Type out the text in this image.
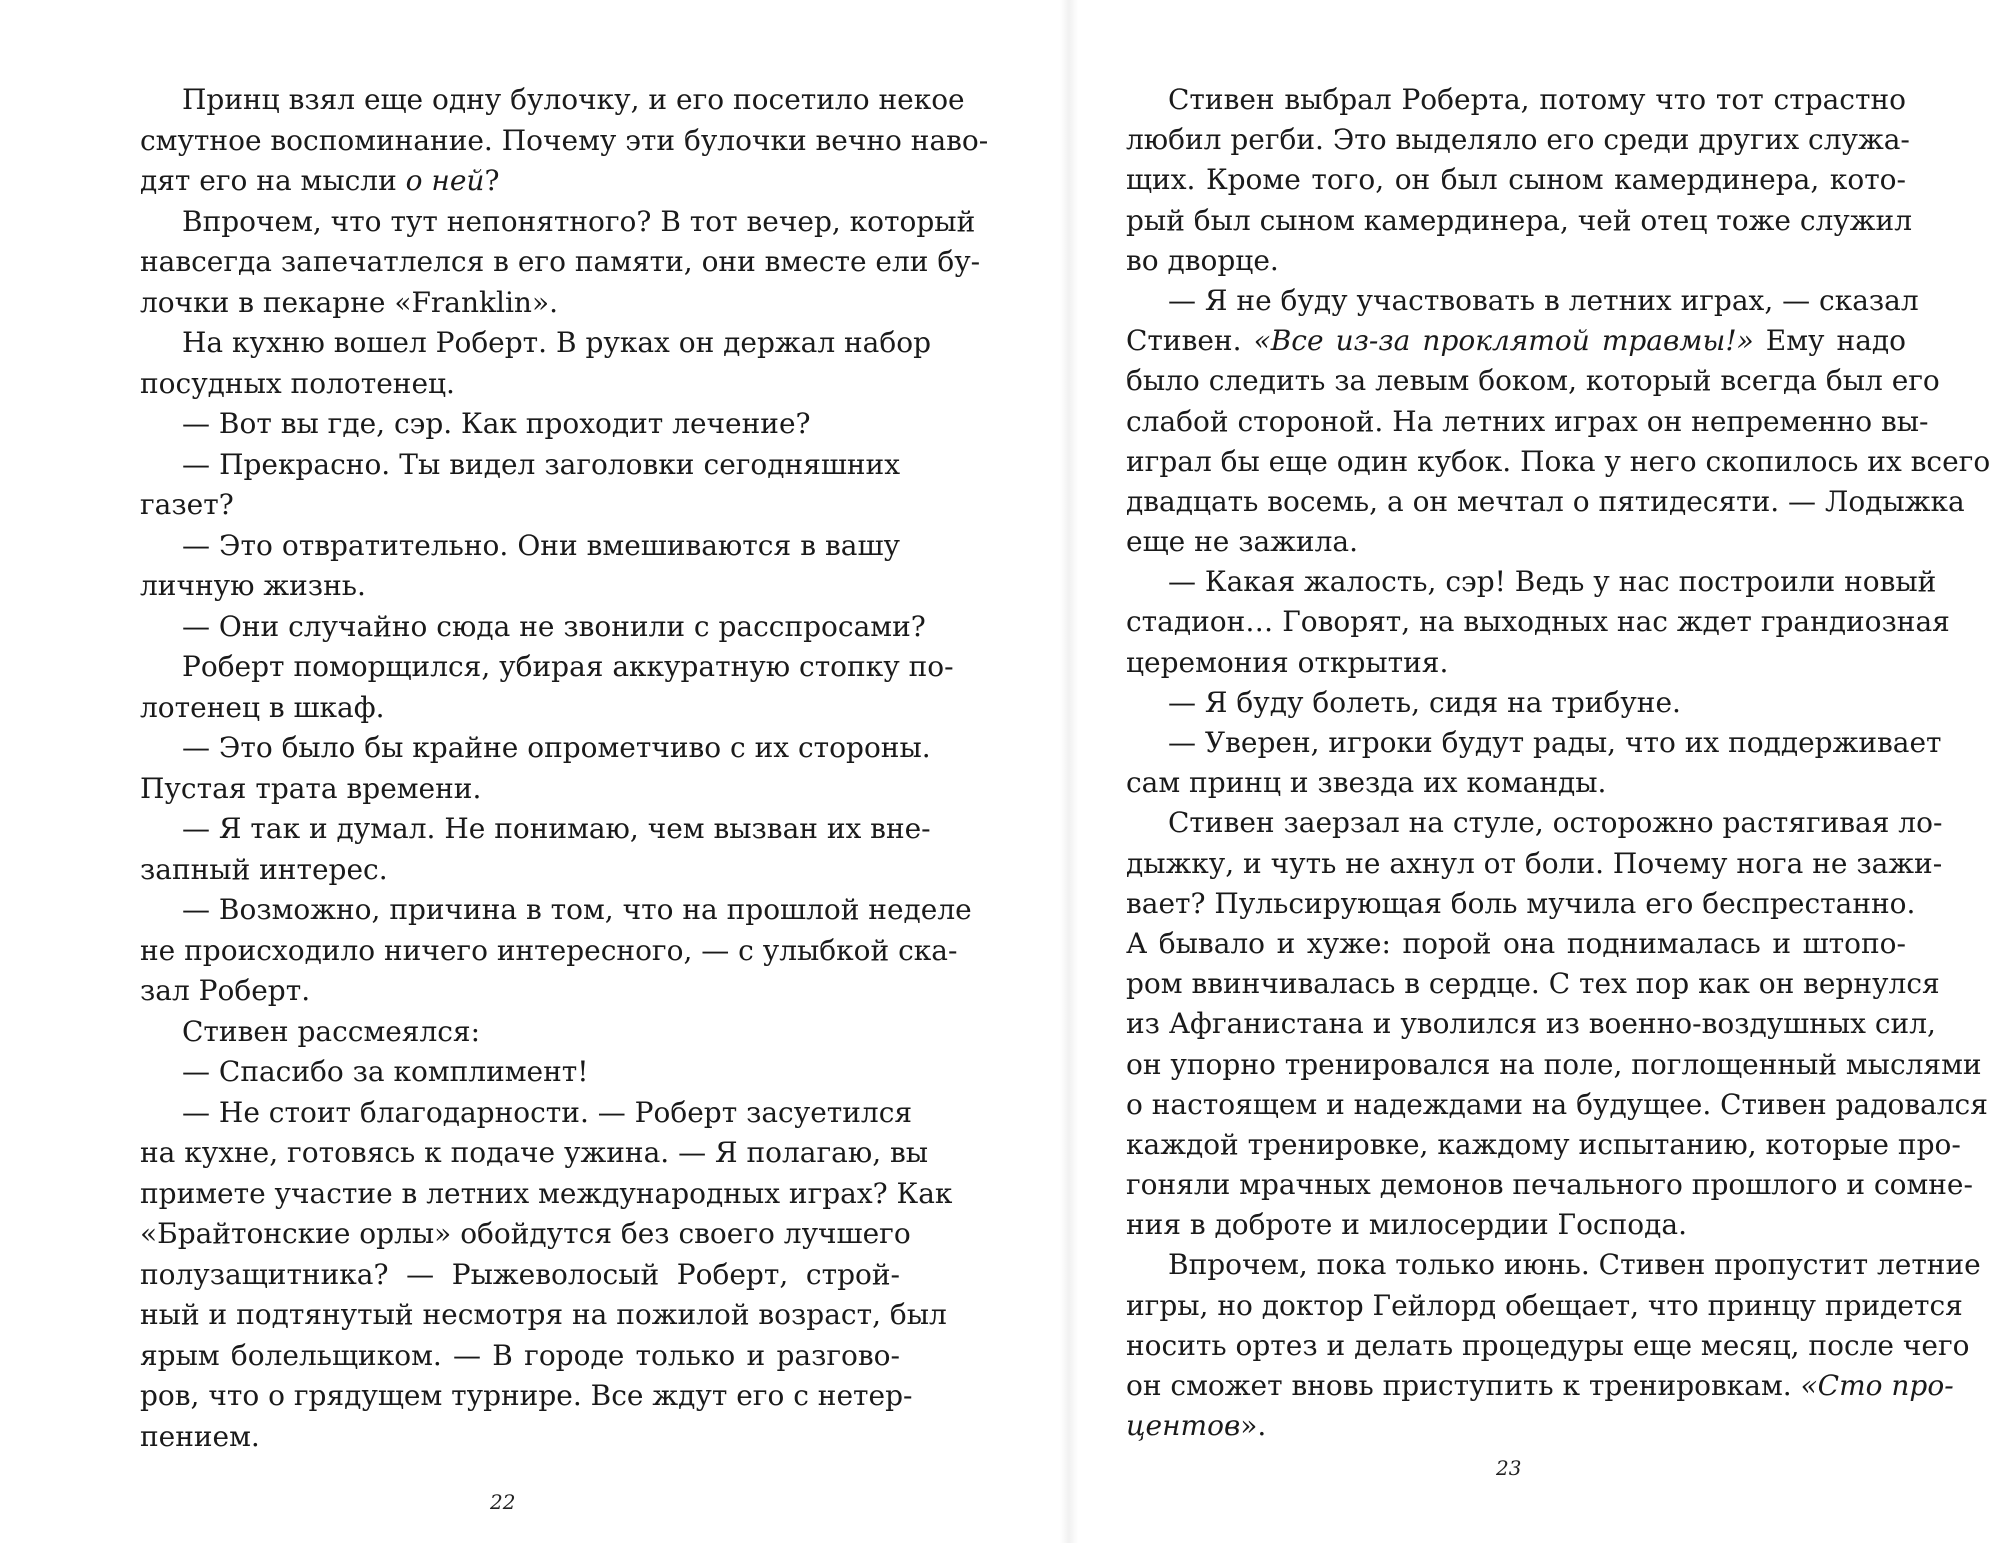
Принц взял еще одну булочку, и его посетило некое
смутное воспоминание. Почему эти булочки вечно наво-
дят его на мысли о ней?
Впрочем, что тут непонятного? В тот вечер, который
навсегда запечатлелся в его памяти, они вместе ели бу-
лочки в пекарне «Franklin».
На кухню вошел Роберт. В руках он держал набор
посудных полотенец.
— Вот вы где, сэр. Как проходит лечение?
— Прекрасно. Ты видел заголовки сегодняшних
газет?
— Это отвратительно. Они вмешиваются в вашу
личную жизнь.
— Они случайно сюда не звонили с расспросами?
Роберт поморщился, убирая аккуратную стопку по-
лотенец в шкаф.
— Это было бы крайне опрометчиво с их стороны.
Пустая трата времени.
— Я так и думал. Не понимаю, чем вызван их вне-
запный интерес.
— Возможно, причина в том, что на прошлой неделе
не происходило ничего интересного, — с улыбкой ска-
зал Роберт.
Стивен рассмеялся:
— Спасибо за комплимент!
— Не стоит благодарности. — Роберт засуетился
на кухне, готовясь к подаче ужина. — Я полагаю, вы
примете участие в летних международных играх? Как
«Брайтонские орлы» обойдутся без своего лучшего
полузащитника? — Рыжеволосый Роберт, строй-
ный и подтянутый несмотря на пожилой возраст, был
ярым болельщиком. — В городе только и разгово-
ров, что о грядущем турнире. Все ждут его с нетер-
пением.
22
Стивен выбрал Роберта, потому что тот страстно
любил регби. Это выделяло его среди других служа-
щих. Кроме того, он был сыном камердинера, кото-
рый был сыном камердинера, чей отец тоже служил
во дворце.
— Я не буду участвовать в летних играх, — сказал
Стивен. «Все из-за проклятой травмы!» Ему надо
было следить за левым боком, который всегда был его
слабой стороной. На летних играх он непременно вы-
играл бы еще один кубок. Пока у него скопилось их всего
двадцать восемь, а он мечтал о пятидесяти. — Лодыжка
еще не зажила.
— Какая жалость, сэр! Ведь у нас построили новый
стадион… Говорят, на выходных нас ждет грандиозная
церемония открытия.
— Я буду болеть, сидя на трибуне.
— Уверен, игроки будут рады, что их поддерживает
сам принц и звезда их команды.
Стивен заерзал на стуле, осторожно растягивая ло-
дыжку, и чуть не ахнул от боли. Почему нога не зажи-
вает? Пульсирующая боль мучила его беспрестанно.
А бывало и хуже: порой она поднималась и штопо-
ром ввинчивалась в сердце. С тех пор как он вернулся
из Афганистана и уволился из военно-воздушных сил,
он упорно тренировался на поле, поглощенный мыслями
о настоящем и надеждами на будущее. Стивен радовался
каждой тренировке, каждому испытанию, которые про-
гоняли мрачных демонов печального прошлого и сомне-
ния в доброте и милосердии Господа.
Впрочем, пока только июнь. Стивен пропустит летние
игры, но доктор Гейлорд обещает, что принцу придется
носить ортез и делать процедуры еще месяц, после чего
он сможет вновь приступить к тренировкам. «Сто про-
центов».
23
